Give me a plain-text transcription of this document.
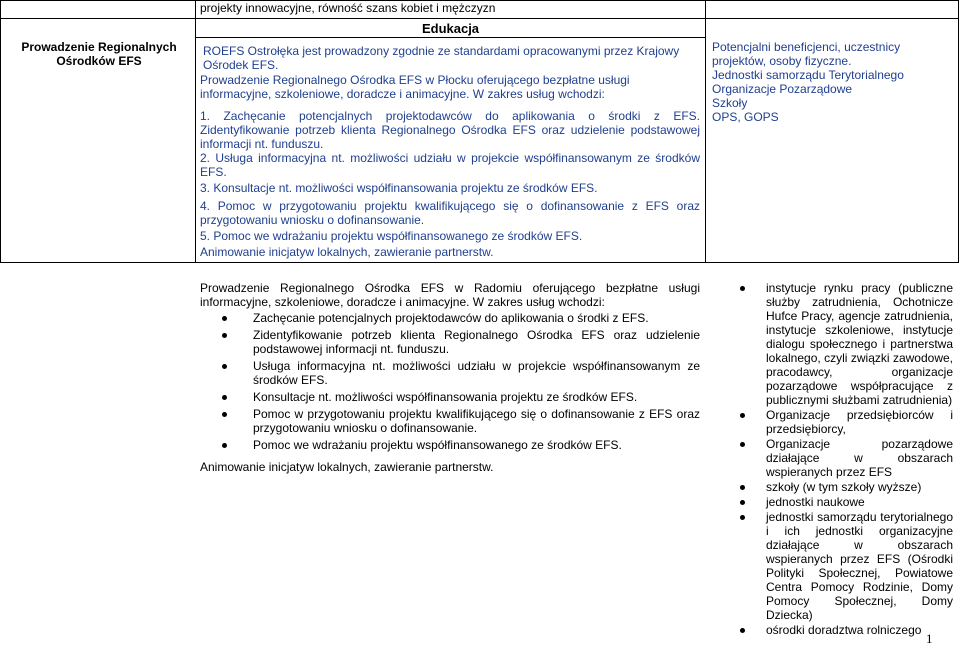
projekty innowacyjne, równość szans kobiet i mężczyzn

Edukacja
Prowadzenie Regionalnych Ośrodków EFS

ROEFS Ostrołęka jest prowadzony zgodnie ze standardami opracowanymi przez Krajowy Ośrodek EFS.

Prowadzenie Regionalnego Ośrodka EFS w Płocku oferującego bezpłatne usługi informacyjne, szkoleniowe, doradcze i animacyjne. W zakres usług wchodzi:

1. Zachęcanie potencjalnych projektodawców do aplikowania o środki z EFS. Zidentyfikowanie potrzeb klienta Regionalnego Ośrodka EFS oraz udzielenie podstawowej informacji nt. funduszu.

2. Usługa informacyjna nt. możliwości udziału w projekcie współfinansowanym ze środków EFS.

3. Konsultacje nt. możliwości współfinansowania projektu ze środków EFS.

4. Pomoc w przygotowaniu projektu kwalifikującego się o dofinansowanie z EFS oraz przygotowaniu wniosku o dofinansowanie.

5. Pomoc we wdrażaniu projektu współfinansowanego ze środków EFS.

Animowanie inicjatyw lokalnych, zawieranie partnerstw.

Potencjalni beneficjenci, uczestnicy projektów, osoby fizyczne.

Jednostki samorządu Terytorialnego

Organizacje Pozarządowe

Szkoły

OPS, GOPS

Prowadzenie Regionalnego Ośrodka EFS w Radomiu oferującego bezpłatne usługi informacyjne, szkoleniowe, doradcze i animacyjne. W zakres usług wchodzi:

Zachęcanie potencjalnych projektodawców do aplikowania o środki z EFS.
Zidentyfikowanie potrzeb klienta Regionalnego Ośrodka EFS oraz udzielenie podstawowej informacji nt. funduszu.
Usługa informacyjna nt. możliwości udziału w projekcie współfinansowanym ze środków EFS.
Konsultacje nt. możliwości współfinansowania projektu ze środków EFS.
Pomoc w przygotowaniu projektu kwalifikującego się o dofinansowanie z EFS oraz przygotowaniu wniosku o dofinansowanie.
Pomoc we wdrażaniu projektu współfinansowanego ze środków EFS.

Animowanie inicjatyw lokalnych, zawieranie partnerstw.

instytucje rynku pracy (publiczne służby zatrudnienia, Ochotnicze Hufce Pracy, agencje zatrudnienia, instytucje szkoleniowe, instytucje dialogu społecznego i partnerstwa lokalnego, czyli związki zawodowe, pracodawcy, organizacje pozarządowe współpracujące z publicznymi służbami zatrudnienia)
Organizacje przedsiębiorców i przedsiębiorcy,
Organizacje pozarządowe działające w obszarach wspieranych przez EFS
szkoły (w tym szkoły wyższe)
jednostki naukowe
jednostki samorządu terytorialnego i ich jednostki organizacyjne działające w obszarach wspieranych przez EFS (Ośrodki Polityki Społecznej, Powiatowe Centra Pomocy Rodzinie, Domy Pomocy Społecznej, Domy Dziecka)
ośrodki doradztwa rolniczego
1
